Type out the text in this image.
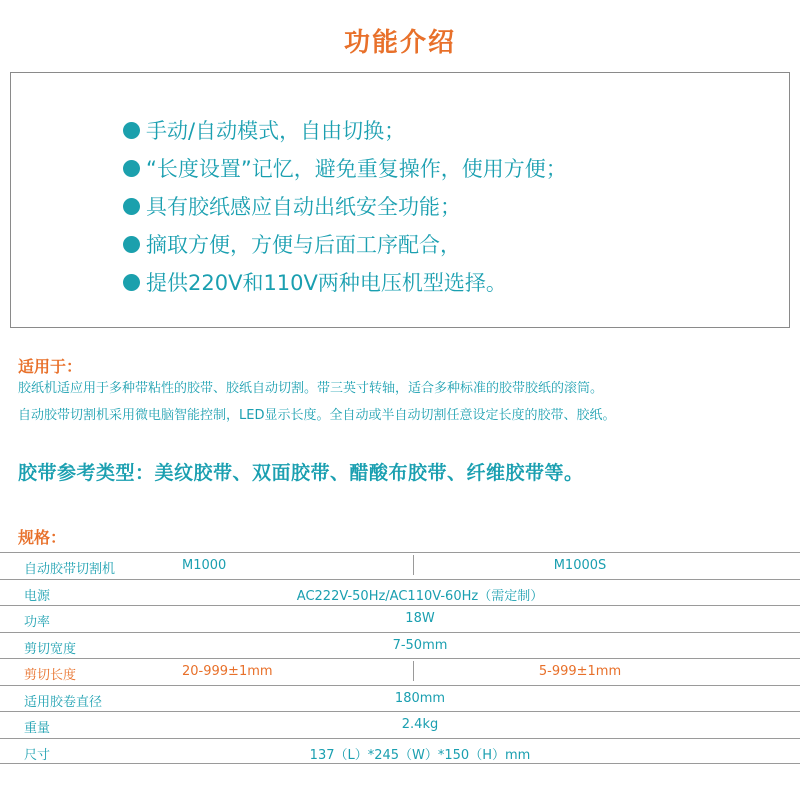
功能介绍
手动/自动模式，自由切换；
“长度设置”记忆，避免重复操作，使用方便；
具有胶纸感应自动出纸安全功能；
摘取方便，方便与后面工序配合，
提供220V和110V两种电压机型选择。
适用于：
胶纸机适应用于多种带粘性的胶带、胶纸自动切割。带三英寸转轴，适合多种标准的胶带胶纸的滚筒。
自动胶带切割机采用微电脑智能控制，LED显示长度。全自动或半自动切割任意设定长度的胶带、胶纸。
胶带参考类型：美纹胶带、双面胶带、醋酸布胶带、纤维胶带等。
规格：
自动胶带切割机	M1000	M1000S
电源	AC222V-50Hz/AC110V-60Hz（需定制）
功率	18W
剪切宽度	7-50mm
剪切长度	20-999±1mm	5-999±1mm
适用胶卷直径	180mm
重量	2.4kg
尺寸	137（L）*245（W）*150（H）mm
